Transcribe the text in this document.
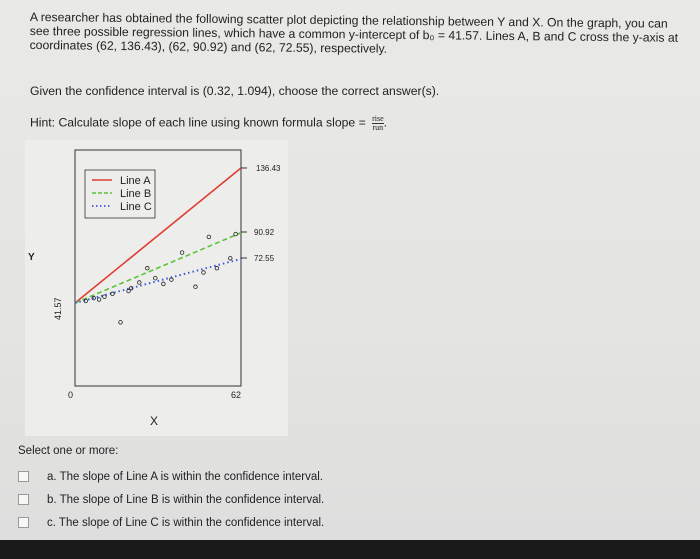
A researcher has obtained the following scatter plot depicting the relationship between Y and X. On the graph, you can see three possible regression lines, which have a common y-intercept of b₀ = 41.57. Lines A, B and C cross the y-axis at coordinates (62, 136.43), (62, 90.92) and (62, 72.55), respectively.

Given the confidence interval is (0.32, 1.094), choose the correct answer(s).

Hint: Calculate slope of each line using known formula slope = $\frac{\text{rise}}{\text{run}}$ .

Line A
Line B
Line C
136.43
90.92
72.55
41.57
Y
0	62
X

Select one or more:

a. The slope of Line A is within the confidence interval.
b. The slope of Line B is within the confidence interval.
c. The slope of Line C is within the confidence interval.
